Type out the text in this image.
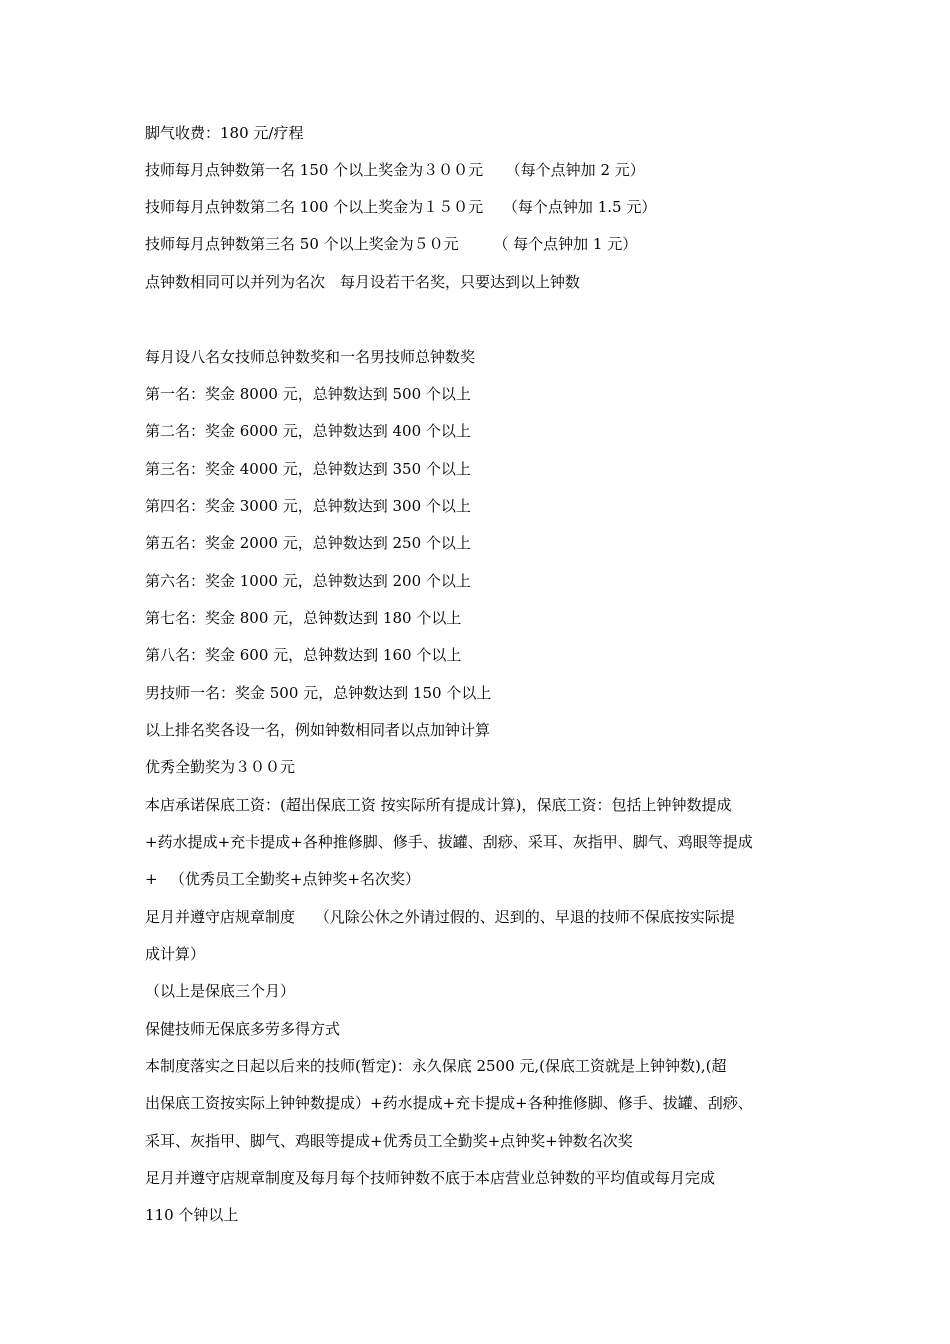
脚气收费：180 元/疗程
技师每月点钟数第一名 150 个以上奖金为３００元　　（每个点钟加 2 元）
技师每月点钟数第二名 100 个以上奖金为１５０元　 （每个点钟加 1.5 元）
技师每月点钟数第三名 50 个以上奖金为５０元　　 （ 每个点钟加 1 元）
点钟数相同可以并列为名次　每月设若干名奖，只要达到以上钟数
每月设八名女技师总钟数奖和一名男技师总钟数奖
第一名：奖金 8000 元，总钟数达到 500 个以上
第二名：奖金 6000 元，总钟数达到 400 个以上
第三名：奖金 4000 元，总钟数达到 350 个以上
第四名：奖金 3000 元，总钟数达到 300 个以上
第五名：奖金 2000 元，总钟数达到 250 个以上
第六名：奖金 1000 元，总钟数达到 200 个以上
第七名：奖金 800 元，总钟数达到 180 个以上
第八名：奖金 600 元，总钟数达到 160 个以上
男技师一名：奖金 500 元，总钟数达到 150 个以上
以上排名奖各设一名，例如钟数相同者以点加钟计算
优秀全勤奖为３００元
本店承诺保底工资：(超出保底工资 按实际所有提成计算)，保底工资：包括上钟钟数提成
+药水提成+充卡提成+各种推修脚、修手、拔罐、刮痧、采耳、灰指甲、脚气、鸡眼等提成
+ 　（优秀员工全勤奖+点钟奖+名次奖）
足月并遵守店规章制度　 （凡除公休之外请过假的、迟到的、早退的技师不保底按实际提
成计算）
（以上是保底三个月）
保健技师无保底多劳多得方式
本制度落实之日起以后来的技师(暂定)：永久保底 2500 元,(保底工资就是上钟钟数),(超
出保底工资按实际上钟钟数提成）+药水提成+充卡提成+各种推修脚、修手、拔罐、刮痧、
采耳、灰指甲、脚气、鸡眼等提成+优秀员工全勤奖+点钟奖+钟数名次奖
足月并遵守店规章制度及每月每个技师钟数不底于本店营业总钟数的平均值或每月完成
110 个钟以上
